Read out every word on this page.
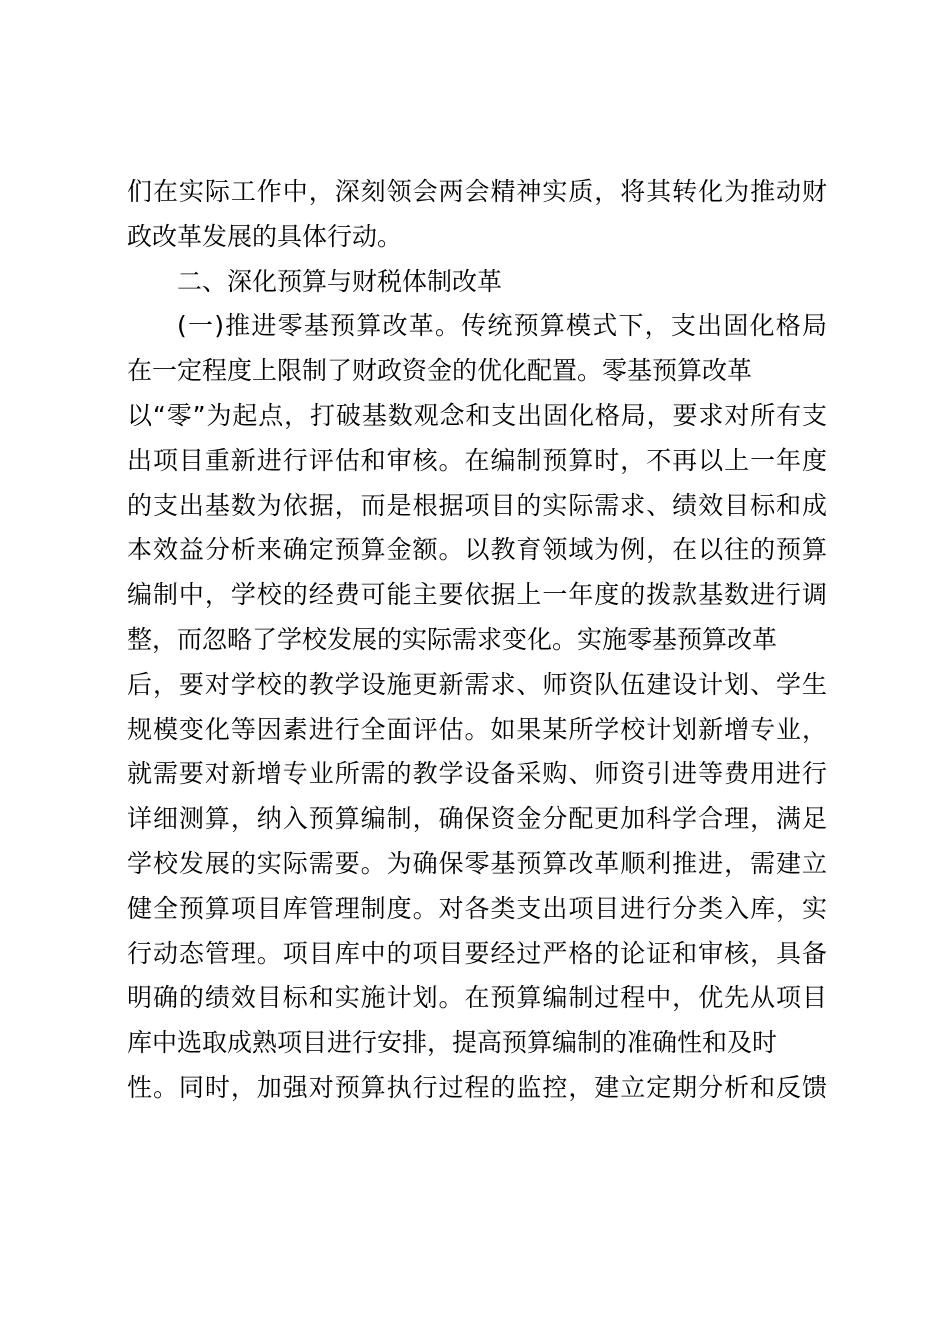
们在实际工作中，深刻领会两会精神实质，将其转化为推动财
政改革发展的具体行动。
二、深化预算与财税体制改革
(一)推进零基预算改革。传统预算模式下，支出固化格局
在一定程度上限制了财政资金的优化配置。零基预算改革
以“零”为起点，打破基数观念和支出固化格局，要求对所有支
出项目重新进行评估和审核。在编制预算时，不再以上一年度
的支出基数为依据，而是根据项目的实际需求、绩效目标和成
本效益分析来确定预算金额。以教育领域为例，在以往的预算
编制中，学校的经费可能主要依据上一年度的拨款基数进行调
整，而忽略了学校发展的实际需求变化。实施零基预算改革
后，要对学校的教学设施更新需求、师资队伍建设计划、学生
规模变化等因素进行全面评估。如果某所学校计划新增专业，
就需要对新增专业所需的教学设备采购、师资引进等费用进行
详细测算，纳入预算编制，确保资金分配更加科学合理，满足
学校发展的实际需要。为确保零基预算改革顺利推进，需建立
健全预算项目库管理制度。对各类支出项目进行分类入库，实
行动态管理。项目库中的项目要经过严格的论证和审核，具备
明确的绩效目标和实施计划。在预算编制过程中，优先从项目
库中选取成熟项目进行安排，提高预算编制的准确性和及时
性。同时，加强对预算执行过程的监控，建立定期分析和反馈
